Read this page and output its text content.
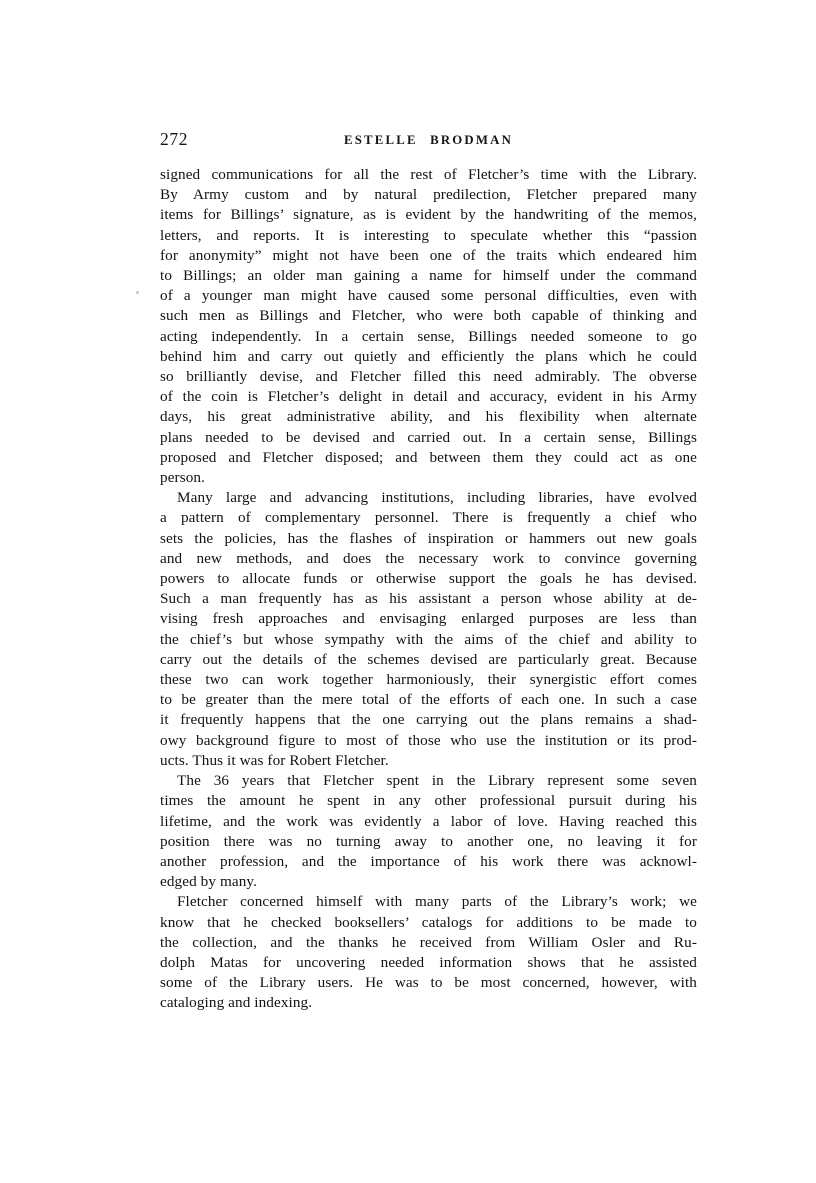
272	ESTELLE BRODMAN

signed communications for all the rest of Fletcher’s time with the Library.
By Army custom and by natural predilection, Fletcher prepared many
items for Billings’ signature, as is evident by the handwriting of the memos,
letters, and reports. It is interesting to speculate whether this “passion
for anonymity” might not have been one of the traits which endeared him
to Billings; an older man gaining a name for himself under the command
of a younger man might have caused some personal difficulties, even with
such men as Billings and Fletcher, who were both capable of thinking and
acting independently. In a certain sense, Billings needed someone to go
behind him and carry out quietly and efficiently the plans which he could
so brilliantly devise, and Fletcher filled this need admirably. The obverse
of the coin is Fletcher’s delight in detail and accuracy, evident in his Army
days, his great administrative ability, and his flexibility when alternate
plans needed to be devised and carried out. In a certain sense, Billings
proposed and Fletcher disposed; and between them they could act as one
person.

Many large and advancing institutions, including libraries, have evolved
a pattern of complementary personnel. There is frequently a chief who
sets the policies, has the flashes of inspiration or hammers out new goals
and new methods, and does the necessary work to convince governing
powers to allocate funds or otherwise support the goals he has devised.
Such a man frequently has as his assistant a person whose ability at de-
vising fresh approaches and envisaging enlarged purposes are less than
the chief’s but whose sympathy with the aims of the chief and ability to
carry out the details of the schemes devised are particularly great. Because
these two can work together harmoniously, their synergistic effort comes
to be greater than the mere total of the efforts of each one. In such a case
it frequently happens that the one carrying out the plans remains a shad-
owy background figure to most of those who use the institution or its prod-
ucts. Thus it was for Robert Fletcher.

The 36 years that Fletcher spent in the Library represent some seven
times the amount he spent in any other professional pursuit during his
lifetime, and the work was evidently a labor of love. Having reached this
position there was no turning away to another one, no leaving it for
another profession, and the importance of his work there was acknowl-
edged by many.

Fletcher concerned himself with many parts of the Library’s work; we
know that he checked booksellers’ catalogs for additions to be made to
the collection, and the thanks he received from William Osler and Ru-
dolph Matas for uncovering needed information shows that he assisted
some of the Library users. He was to be most concerned, however, with
cataloging and indexing.
